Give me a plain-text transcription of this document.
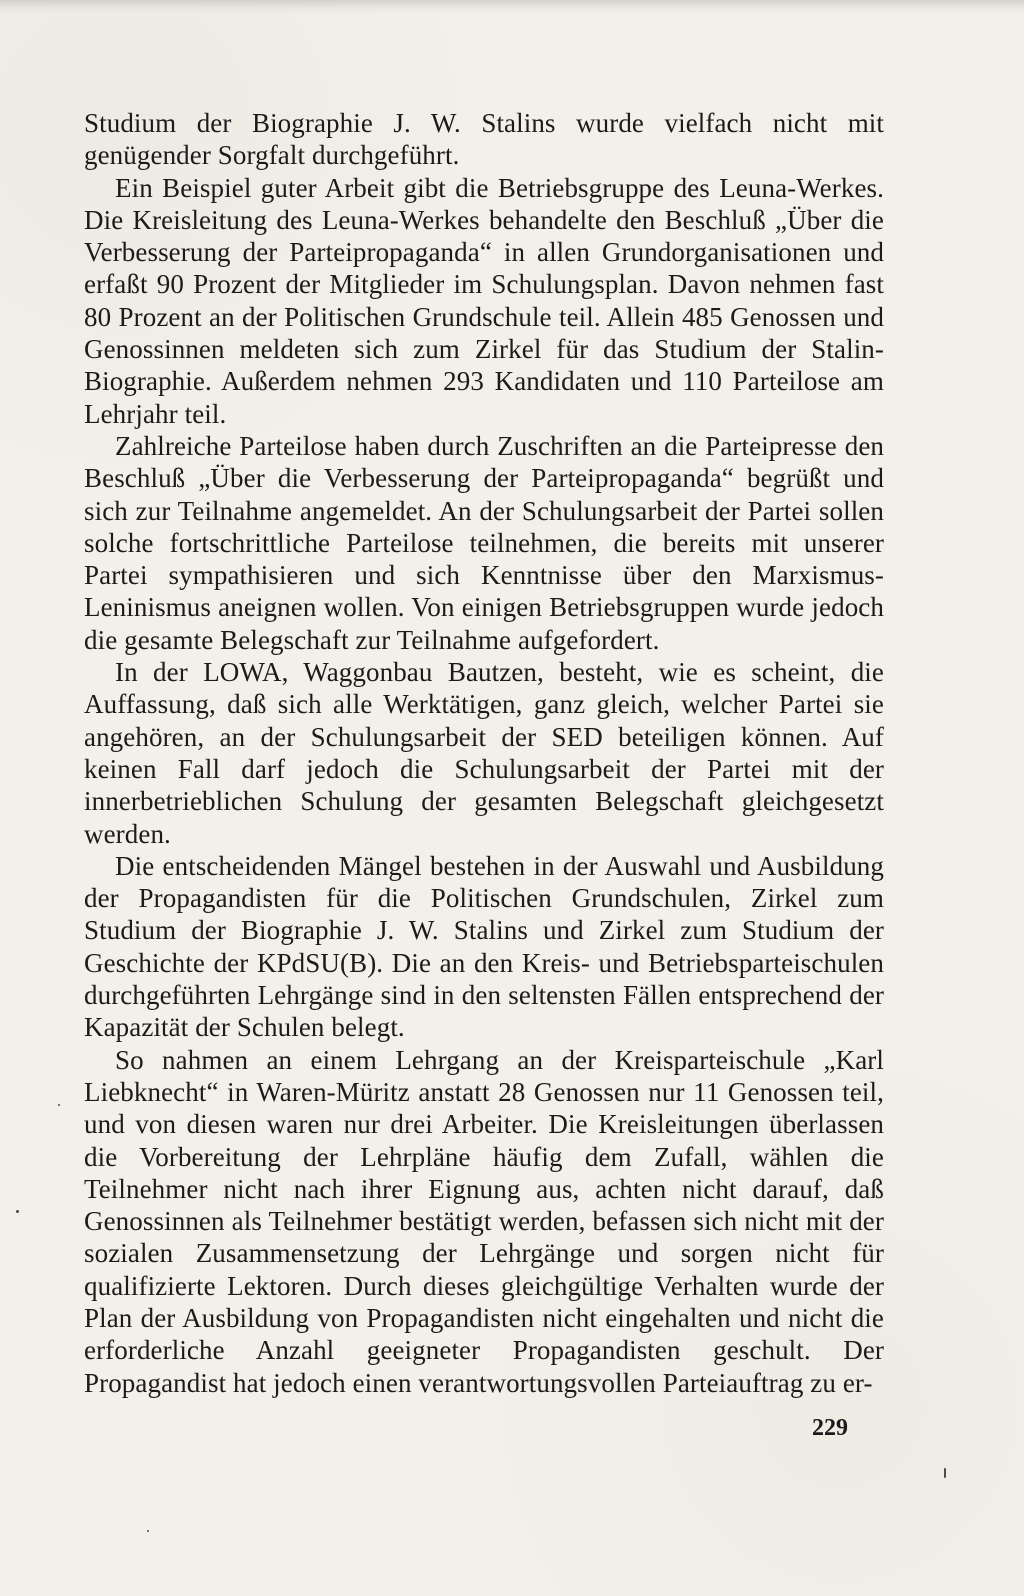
Studium der Biographie J. W. Stalins wurde vielfach nicht mit genügender Sorgfalt durchgeführt.

Ein Beispiel guter Arbeit gibt die Betriebsgruppe des Leuna-Werkes. Die Kreisleitung des Leuna-Werkes behandelte den Beschluß „Über die Verbesserung der Parteipropaganda“ in allen Grundorganisationen und erfaßt 90 Prozent der Mitglieder im Schulungsplan. Davon nehmen fast 80 Prozent an der Politischen Grundschule teil. Allein 485 Genossen und Genossinnen meldeten sich zum Zirkel für das Studium der Stalin-Biographie. Außerdem nehmen 293 Kandidaten und 110 Parteilose am Lehrjahr teil.

Zahlreiche Parteilose haben durch Zuschriften an die Parteipresse den Beschluß „Über die Verbesserung der Parteipropaganda“ begrüßt und sich zur Teilnahme angemeldet. An der Schulungsarbeit der Partei sollen solche fortschrittliche Parteilose teilnehmen, die bereits mit unserer Partei sympathisieren und sich Kenntnisse über den Marxismus-Leninismus aneignen wollen. Von einigen Betriebsgruppen wurde jedoch die gesamte Belegschaft zur Teilnahme aufgefordert.

In der LOWA, Waggonbau Bautzen, besteht, wie es scheint, die Auffassung, daß sich alle Werktätigen, ganz gleich, welcher Partei sie angehören, an der Schulungsarbeit der SED beteiligen können. Auf keinen Fall darf jedoch die Schulungsarbeit der Partei mit der innerbetrieblichen Schulung der gesamten Belegschaft gleichgesetzt werden.

Die entscheidenden Mängel bestehen in der Auswahl und Ausbildung der Propagandisten für die Politischen Grundschulen, Zirkel zum Studium der Biographie J. W. Stalins und Zirkel zum Studium der Geschichte der KPdSU(B). Die an den Kreis- und Betriebsparteischulen durchgeführten Lehrgänge sind in den seltensten Fällen entsprechend der Kapazität der Schulen belegt.

So nahmen an einem Lehrgang an der Kreisparteischule „Karl Liebknecht“ in Waren-Müritz anstatt 28 Genossen nur 11 Genossen teil, und von diesen waren nur drei Arbeiter. Die Kreisleitungen überlassen die Vorbereitung der Lehrpläne häufig dem Zufall, wählen die Teilnehmer nicht nach ihrer Eignung aus, achten nicht darauf, daß Genossinnen als Teilnehmer bestätigt werden, befassen sich nicht mit der sozialen Zusammensetzung der Lehrgänge und sorgen nicht für qualifizierte Lektoren. Durch dieses gleichgültige Verhalten wurde der Plan der Ausbildung von Propagandisten nicht eingehalten und nicht die erforderliche Anzahl geeigneter Propagandisten geschult. Der Propagandist hat jedoch einen verantwortungsvollen Parteiauftrag zu er-

229
